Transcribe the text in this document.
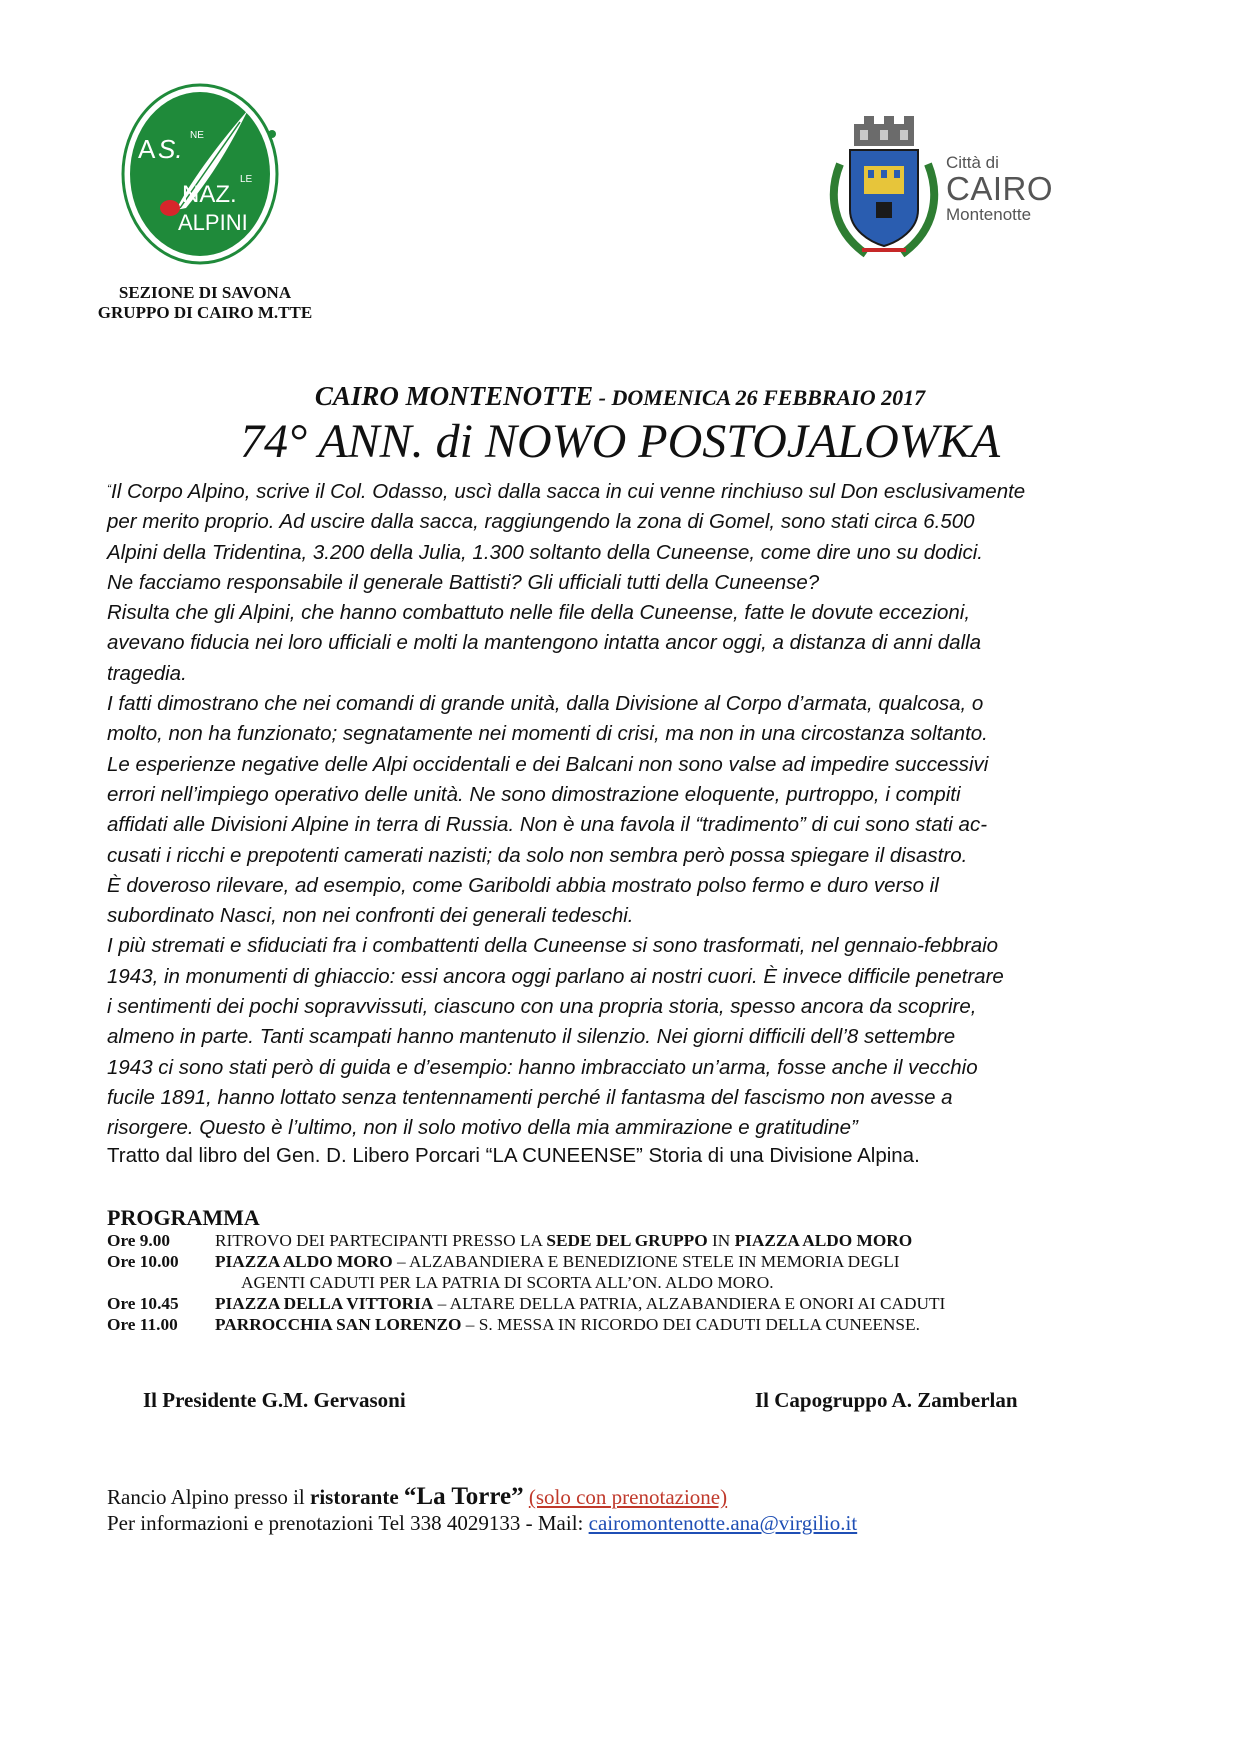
A S. NE
NAZ.
LE
ALPINI
SEZIONE DI SAVONA
GRUPPO DI CAIRO M.TTE
Città di
CAIRO
Montenotte
CAIRO MONTENOTTE - DOMENICA 26 FEBBRAIO 2017
74° ANN. di NOWO POSTOJALOWKA

“Il Corpo Alpino, scrive il Col. Odasso, uscì dalla sacca in cui venne rinchiuso sul Don esclusivamente

per merito proprio. Ad uscire dalla sacca, raggiungendo la zona di Gomel, sono stati circa 6.500

Alpini della Tridentina, 3.200 della Julia, 1.300 soltanto della Cuneense, come dire uno su dodici.

Ne facciamo responsabile il generale Battisti? Gli ufficiali tutti della Cuneense?

Risulta che gli Alpini, che hanno combattuto nelle file della Cuneense, fatte le dovute eccezioni,

avevano fiducia nei loro ufficiali e molti la mantengono intatta ancor oggi, a distanza di anni dalla

tragedia.

I fatti dimostrano che nei comandi di grande unità, dalla Divisione al Corpo d’armata, qualcosa, o

molto, non ha funzionato; segnatamente nei momenti di crisi, ma non in una circostanza soltanto.

Le esperienze negative delle Alpi occidentali e dei Balcani non sono valse ad impedire successivi

errori nell’impiego operativo delle unità. Ne sono dimostrazione eloquente, purtroppo, i compiti

affidati alle Divisioni Alpine in terra di Russia. Non è una favola il “tradimento” di cui sono stati ac-

cusati i ricchi e prepotenti camerati nazisti; da solo non sembra però possa spiegare il disastro.

È doveroso rilevare, ad esempio, come Gariboldi abbia mostrato polso fermo e duro verso il

subordinato Nasci, non nei confronti dei generali tedeschi.

I più stremati e sfiduciati fra i combattenti della Cuneense si sono trasformati, nel gennaio-febbraio

1943, in monumenti di ghiaccio: essi ancora oggi parlano ai nostri cuori. È invece difficile penetrare

i sentimenti dei pochi sopravvissuti, ciascuno con una propria storia, spesso ancora da scoprire,

almeno in parte. Tanti scampati hanno mantenuto il silenzio. Nei giorni difficili dell’8 settembre

1943 ci sono stati però di guida e d’esempio: hanno imbracciato un’arma, fosse anche il vecchio

fucile 1891, hanno lottato senza tentennamenti perché il fantasma del fascismo non avesse a

risorgere. Questo è l’ultimo, non il solo motivo della mia ammirazione e gratitudine”

Tratto dal libro del Gen. D. Libero Porcari “LA CUNEENSE” Storia di una Divisione Alpina.
PROGRAMMA
Ore 9.00	RITROVO DEI PARTECIPANTI PRESSO LA SEDE DEL GRUPPO IN PIAZZA ALDO MORO
Ore 10.00 PIAZZA ALDO MORO – ALZABANDIERA E BENEDIZIONE STELE IN MEMORIA DEGLI
AGENTI CADUTI PER LA PATRIA DI SCORTA ALL’ON. ALDO MORO.
Ore 10.45 PIAZZA DELLA VITTORIA – ALTARE DELLA PATRIA, ALZABANDIERA E ONORI AI CADUTI
Ore 11.00 PARROCCHIA SAN LORENZO – S. MESSA IN RICORDO DEI CADUTI DELLA CUNEENSE.
Il Presidente G.M. Gervasoni	Il Capogruppo A. Zamberlan
Rancio Alpino presso il ristorante “La Torre” (solo con prenotazione)
Per informazioni e prenotazioni Tel 338 4029133 - Mail: cairomontenotte.ana@virgilio.it
